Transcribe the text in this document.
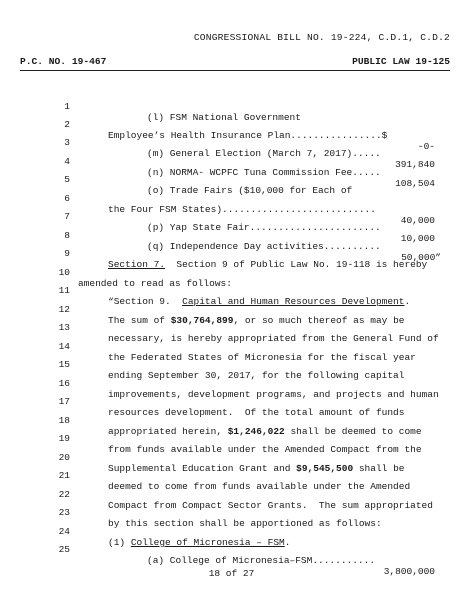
CONGRESSIONAL BILL NO. 19-224, C.D.1, C.D.2
P.C. NO. 19-467	PUBLIC LAW 19-125

1

(l) FSM National Government

2

Employee’s Health Insurance Plan................$

-0-

3

(m) General Election (March 7, 2017).....

391,840

4

(n) NORMA- WCPFC Tuna Commission Fee.....

108,504

5

(o) Trade Fairs ($10,000 for Each of

6

the Four FSM States)...........................

40,000

7

(p) Yap State Fair.......................

10,000

8

(q) Independence Day activities..........

50,000”

9

Section 7.  Section 9 of Public Law No. 19-118 is hereby

10

amended to read as follows:

11

“Section 9.  Capital and Human Resources Development.

12

The sum of $30,764,899, or so much thereof as may be

13

necessary, is hereby appropriated from the General Fund of

14

the Federated States of Micronesia for the fiscal year

15

ending September 30, 2017, for the following capital

16

improvements, development programs, and projects and human

17

resources development.  Of the total amount of funds

18

appropriated herein, $1,246,022 shall be deemed to come

19

from funds available under the Amended Compact from the

20

Supplemental Education Grant and $9,545,500 shall be

21

deemed to come from funds available under the Amended

22

Compact from Compact Sector Grants.  The sum appropriated

23

by this section shall be apportioned as follows:

24

(1) College of Micronesia – FSM.

25

(a) College of Micronesia–FSM...........

3,800,000

18 of 27
